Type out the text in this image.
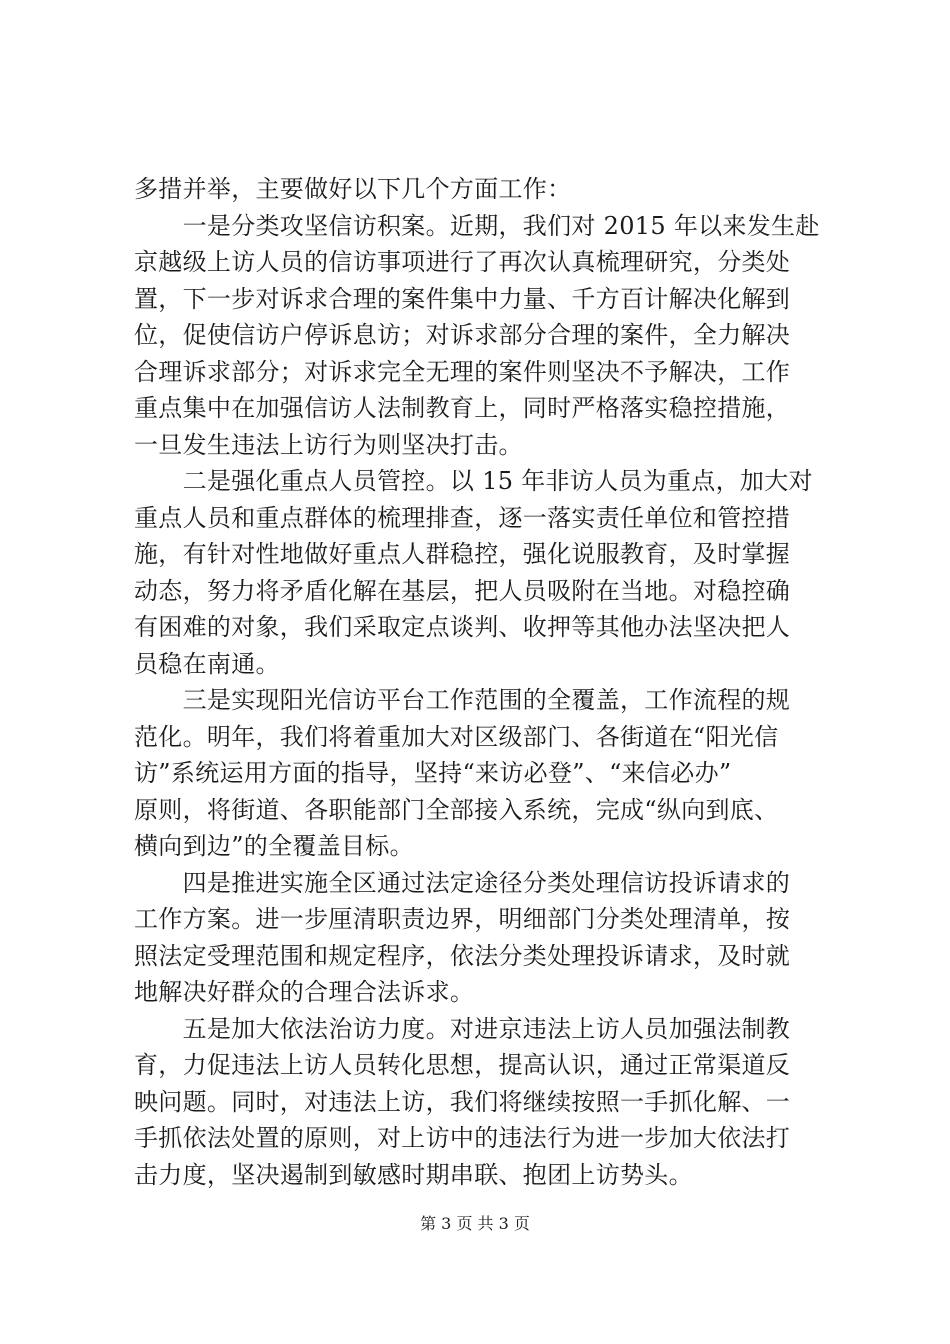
多措并举，主要做好以下几个方面工作：
　　一是分类攻坚信访积案。近期，我们对 2015 年以来发生赴
京越级上访人员的信访事项进行了再次认真梳理研究，分类处
置，下一步对诉求合理的案件集中力量、千方百计解决化解到
位，促使信访户停诉息访；对诉求部分合理的案件，全力解决
合理诉求部分；对诉求完全无理的案件则坚决不予解决，工作
重点集中在加强信访人法制教育上，同时严格落实稳控措施，
一旦发生违法上访行为则坚决打击。
　　二是强化重点人员管控。以 15 年非访人员为重点，加大对
重点人员和重点群体的梳理排查，逐一落实责任单位和管控措
施，有针对性地做好重点人群稳控，强化说服教育，及时掌握
动态，努力将矛盾化解在基层，把人员吸附在当地。对稳控确
有困难的对象，我们采取定点谈判、收押等其他办法坚决把人
员稳在南通。
　　三是实现阳光信访平台工作范围的全覆盖，工作流程的规
范化。明年，我们将着重加大对区级部门、各街道在“阳光信
访”系统运用方面的指导，坚持“来访必登”、“来信必办”
原则，将街道、各职能部门全部接入系统，完成“纵向到底、
横向到边”的全覆盖目标。
　　四是推进实施全区通过法定途径分类处理信访投诉请求的
工作方案。进一步厘清职责边界，明细部门分类处理清单，按
照法定受理范围和规定程序，依法分类处理投诉请求，及时就
地解决好群众的合理合法诉求。
　　五是加大依法治访力度。对进京违法上访人员加强法制教
育，力促违法上访人员转化思想，提高认识，通过正常渠道反
映问题。同时，对违法上访，我们将继续按照一手抓化解、一
手抓依法处置的原则，对上访中的违法行为进一步加大依法打
击力度，坚决遏制到敏感时期串联、抱团上访势头。
第 3 页 共 3 页
